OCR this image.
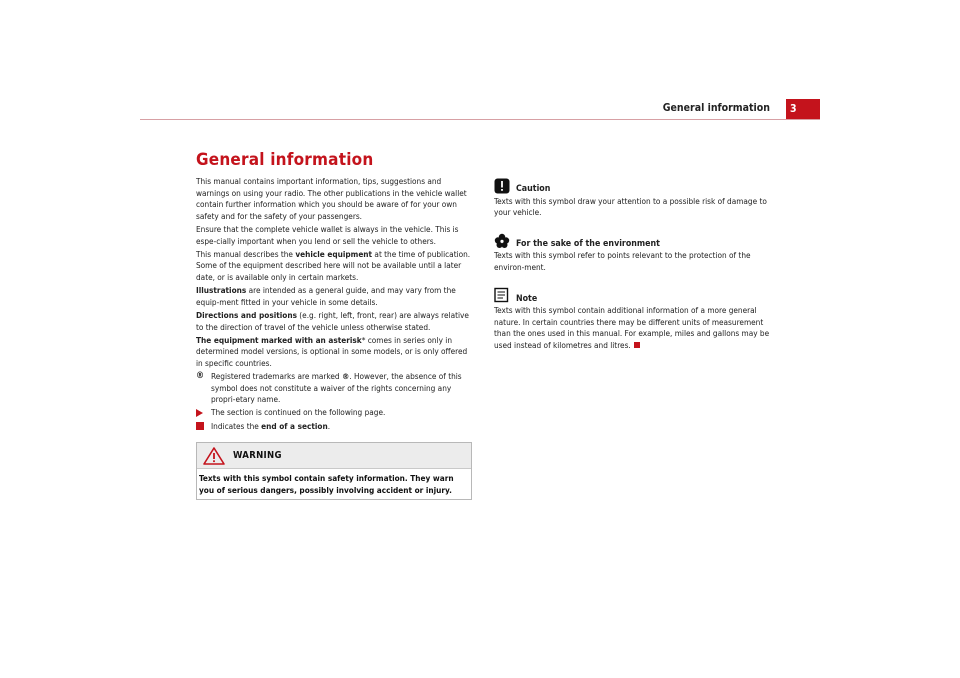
General information 3
General information

This manual contains important information, tips, suggestions and warnings on using your radio. The other publications in the vehicle wallet contain further information which you should be aware of for your own safety and for the safety of your passengers.

Ensure that the complete vehicle wallet is always in the vehicle. This is espe-cially important when you lend or sell the vehicle to others.

This manual describes the vehicle equipment at the time of publication. Some of the equipment described here will not be available until a later date, or is available only in certain markets.

Illustrations are intended as a general guide, and may vary from the equip-ment fitted in your vehicle in some details.

Directions and positions (e.g. right, left, front, rear) are always relative to the direction of travel of the vehicle unless otherwise stated.

The equipment marked with an asterisk* comes in series only in determined model versions, is optional in some models, or is only offered in specific countries.

® Registered trademarks are marked ®. However, the absence of this symbol does not constitute a waiver of the rights concerning any propri-etary name.
The section is continued on the following page.
Indicates the end of a section.
WARNING
Texts with this symbol contain safety information. They warn you of serious dangers, possibly involving accident or injury.
Caution

Texts with this symbol draw your attention to a possible risk of damage to your vehicle.

For the sake of the environment

Texts with this symbol refer to points relevant to the protection of the environ-ment.

Note

Texts with this symbol contain additional information of a more general nature. In certain countries there may be different units of measurement than the ones used in this manual. For example, miles and gallons may be used instead of kilometres and litres.
